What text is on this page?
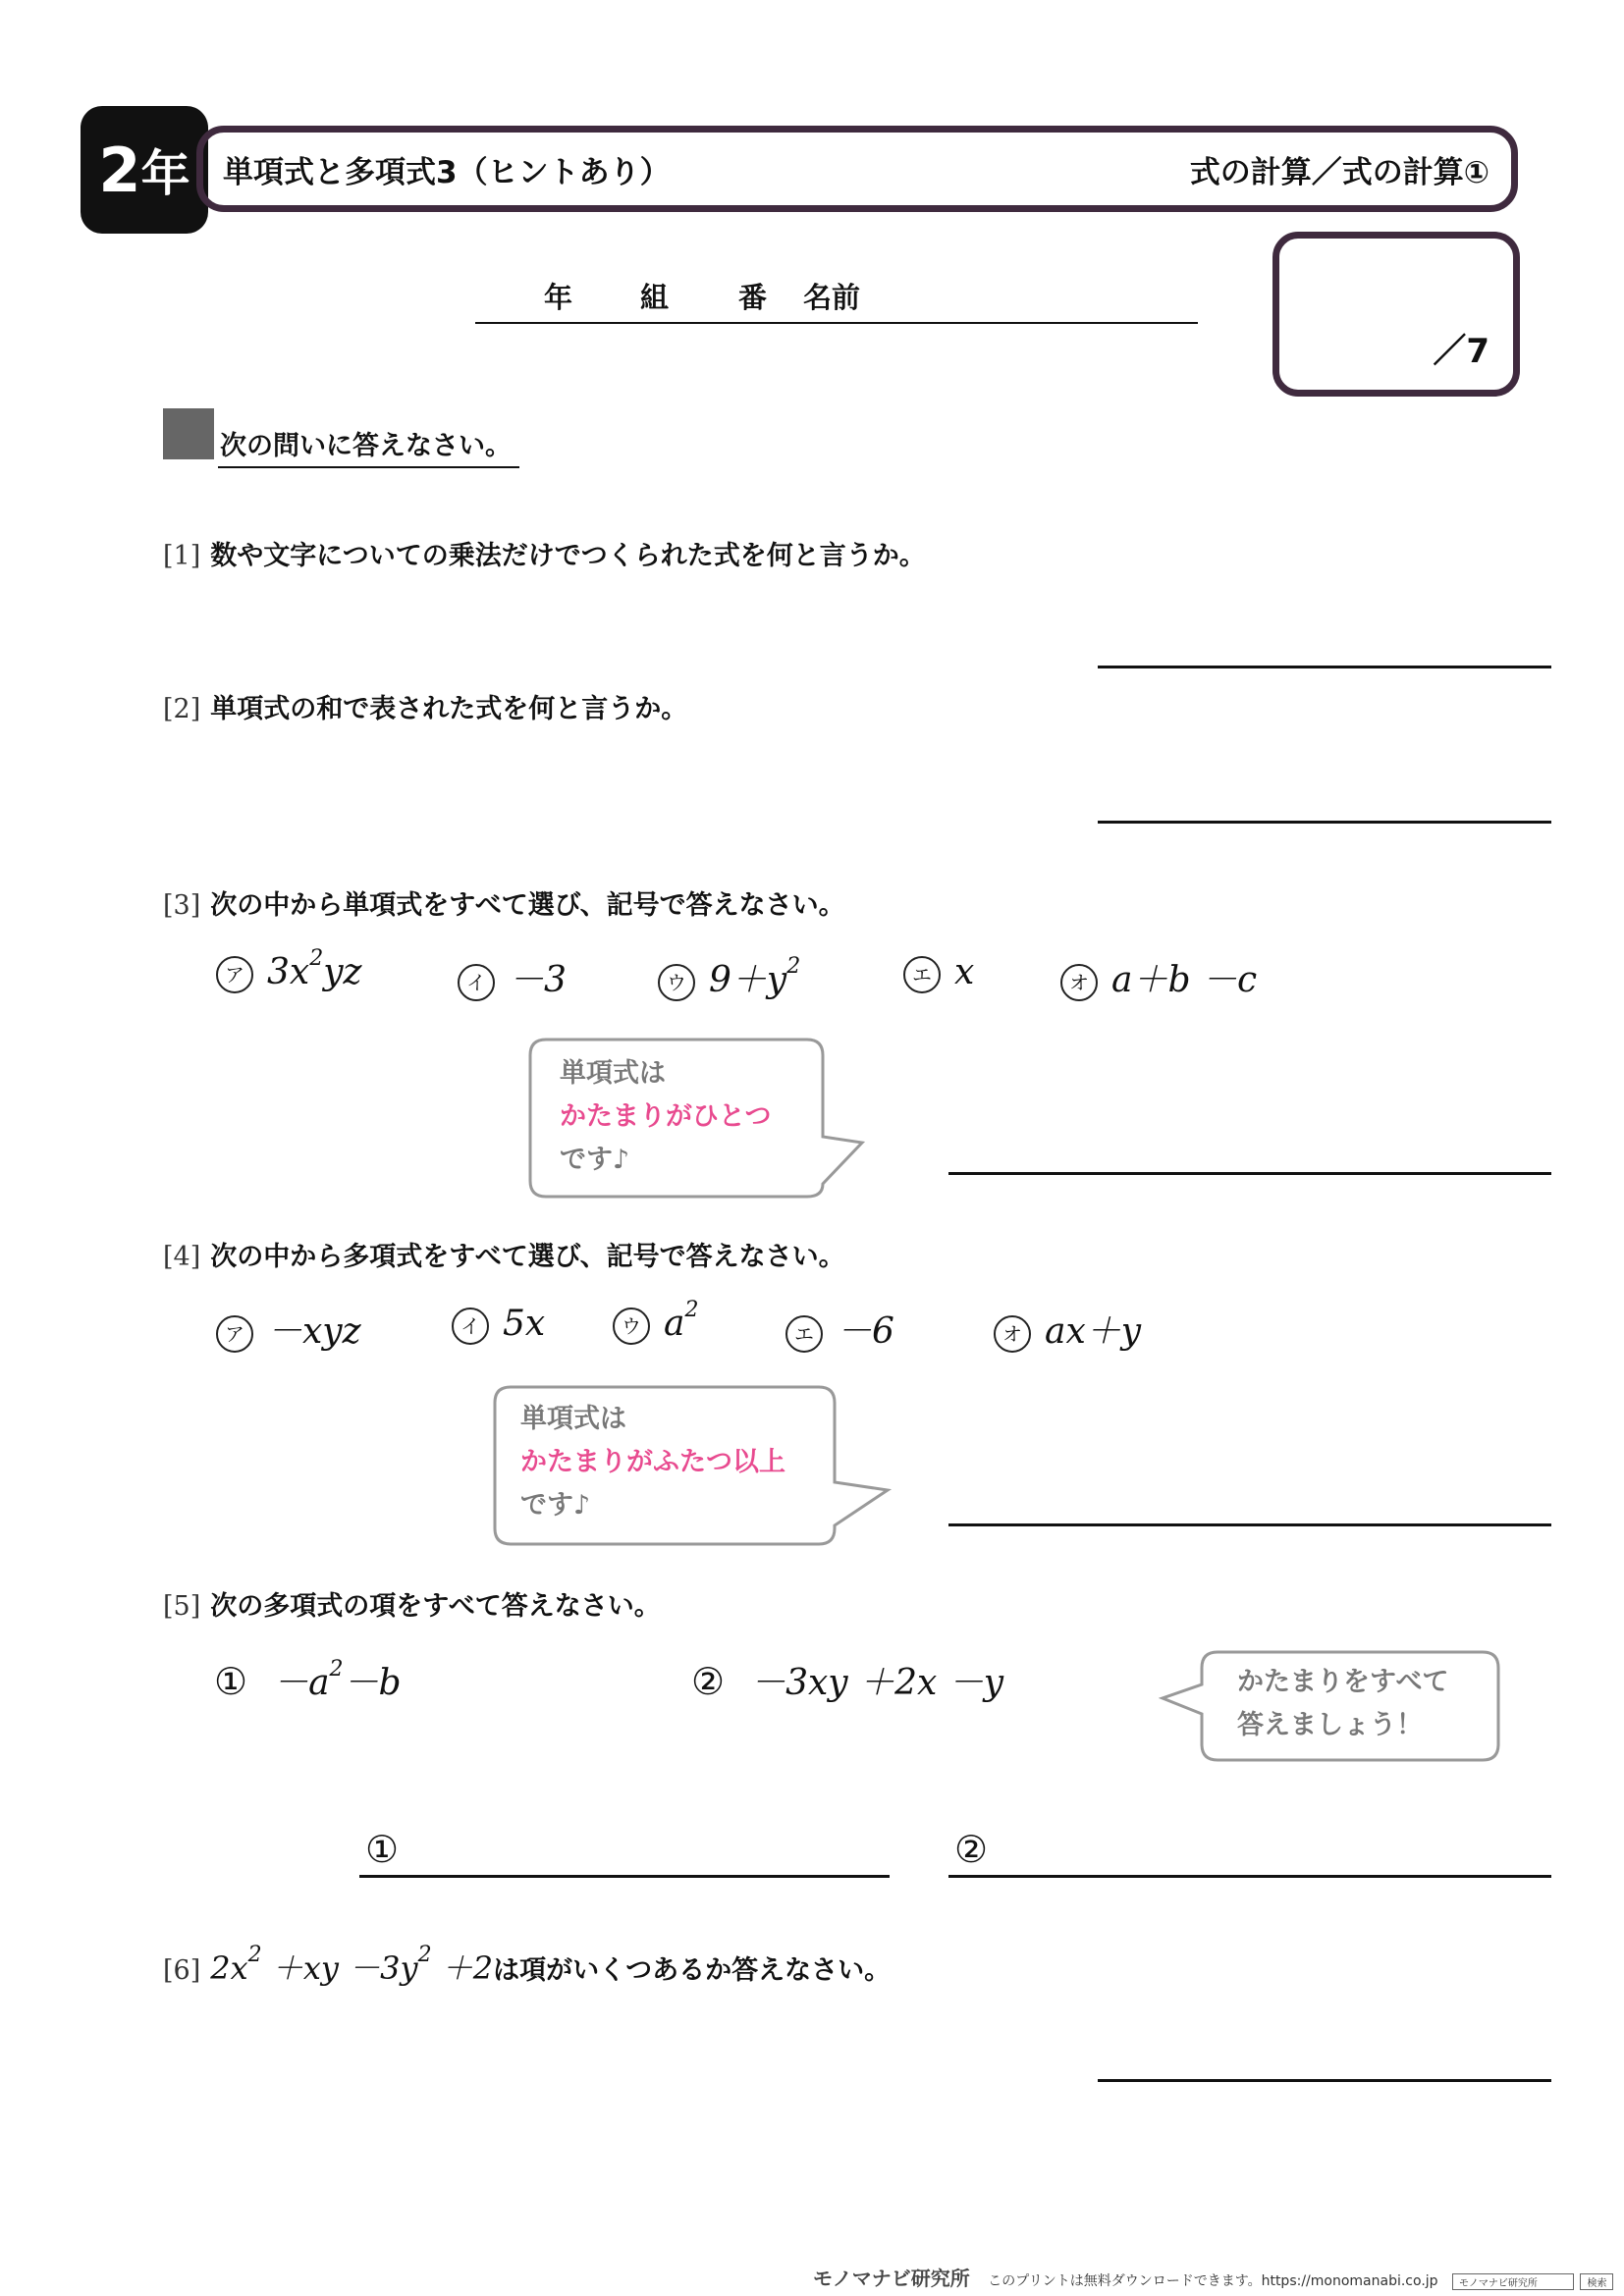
2 年 単項式と多項式3（ヒントあり）	式の計算／式の計算①
年 組 番 名前
／7
次の問いに答えなさい。
[1] 数や文字についての乗法だけでつくられた式を何と言うか。
[2] 単項式の和で表された式を何と言うか。
[3] 次の中から単項式をすべて選び、記号で答えなさい。
ア $3x^2yz$	イ －3	ウ $9+y^2$	エ x	オ a＋b －c
単項式は
かたまりがひとつ
です♪
[4] 次の中から多項式をすべて選び、記号で答えなさい。
ア －xyz	イ 5x	ウ $a^2$
エ －6	オ ax＋y
単項式は
かたまりがふたつ以上
です♪
[5] 次の多項式の項をすべて答えなさい。
① $-a^2-b$	② －3xy ＋2x －y	かたまりをすべて
答えましょう！
①	②
[6] $2x^2 +xy -3y^2 +2$は項がいくつあるか答えなさい。
モノマナビ研究所 このプリントは無料ダウンロードできます。https://monomanabi.co.jp モノマナビ研究所	検索
